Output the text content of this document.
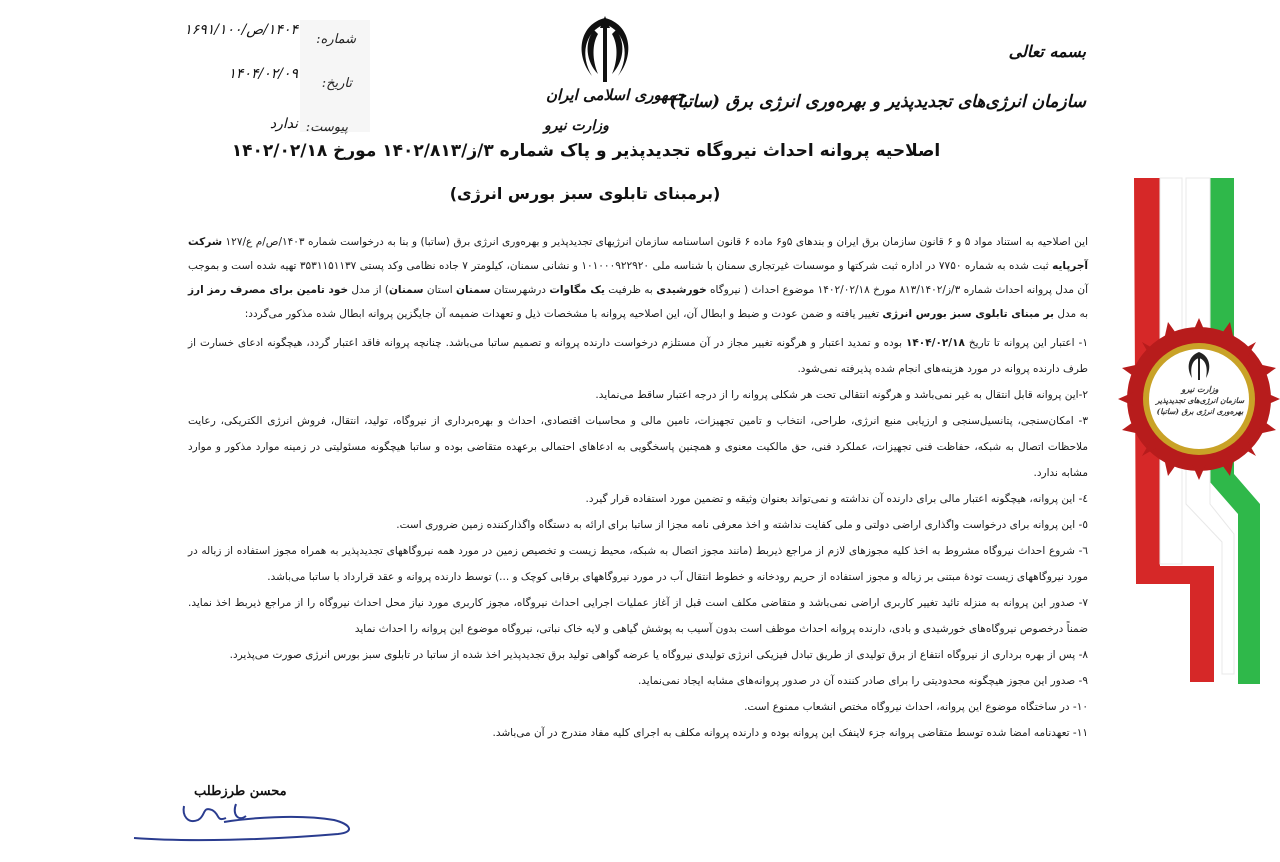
شماره:
۱۴۰۴/ص/۱۶۹۱/۱۰۰
تاریخ:
۱۴۰۴/۰۲/۰۹
پیوست:
ندارد
جمهوری اسلامی ایران
وزارت نیرو
بسمه تعالی
سازمان انرژی‌های تجدیدپذیر و بهره‌وری انرژی برق (ساتبا)
اصلاحیه پروانه احداث نیروگاه تجدیدپذیر و پاک شماره ۳/ز/۱۴۰۲/۸۱۳ مورخ ۱۴۰۲/۰۲/۱۸
(برمبنای تابلوی سبز بورس انرژی)
این اصلاحیه به استناد مواد ۵ و ۶ قانون سازمان برق ایران و بندهای ۵و۶ ماده ۶ قانون اساسنامه سازمان انرژیهای تجدیدپذیر و بهره‌وری انرژی برق (ساتبا) و بنا به درخواست شماره ۱۴۰۳/ص/م ع/۱۲۷ شرکت آجرپایه ثبت شده به شماره ۷۷۵۰ در اداره ثبت شرکتها و موسسات غیرتجاری سمنان با شناسه ملی ۱۰۱۰۰۰۹۲۲۹۲۰ و نشانی سمنان، کیلومتر ۷ جاده نظامی وکد پستی ۳۵۳۱۱۵۱۱۳۷ تهیه شده است و بموجب آن مدل پروانه احداث شماره ۳/ز/۸۱۳/۱۴۰۲ مورخ ۱۴۰۲/۰۲/۱۸ موضوع احداث ( نیروگاه خورشیدی به ظرفیت یک مگاوات درشهرستان سمنان استان سمنان) از مدل خود تامین برای مصرف رمز ارز به مدل بر مبنای تابلوی سبز بورس انرژی تغییر یافته و ضمن عودت و ضبط و ابطال آن، این اصلاحیه پروانه با مشخصات ذیل و تعهدات ضمیمه آن جایگزین پروانه ابطال شده مذکور می‌گردد:

۱- اعتبار این پروانه تا تاریخ ۱۴۰۴/۰۲/۱۸ بوده و تمدید اعتبار و هرگونه تغییر مجاز در آن مستلزم درخواست دارنده پروانه و تصمیم ساتبا می‌باشد. چنانچه پروانه فاقد اعتبار گردد، هیچگونه ادعای خسارت از طرف دارنده پروانه در مورد هزینه‌های انجام شده پذیرفته نمی‌شود.

۲-این پروانه قابل انتقال به غیر نمی‌باشد و هرگونه انتقالی تحت هر شکلی پروانه را از درجه اعتبار ساقط می‌نماید.

۳- امکان‌سنجی، پتانسیل‌سنجی و ارزیابی منبع انرژی، طراحی، انتخاب و تامین تجهیزات، تامین مالی و محاسبات اقتصادی، احداث و بهره‌برداری از نیروگاه، تولید، انتقال، فروش انرژی الکتریکی، رعایت ملاحظات اتصال به شبکه، حفاظت فنی تجهیزات، عملکرد فنی، حق مالکیت معنوی و همچنین پاسخگویی به ادعاهای احتمالی برعهده متقاضی بوده و ساتبا هیچگونه مسئولیتی در زمینه موارد مذکور و موارد مشابه ندارد.

٤- این پروانه، هیچگونه اعتبار مالی برای دارنده آن نداشته و نمی‌تواند بعنوان وثیقه و تضمین مورد استفاده قرار گیرد.

٥- این پروانه برای درخواست واگذاری اراضی دولتی و ملی کفایت نداشته و اخذ معرفی نامه مجزا از ساتبا برای ارائه به دستگاه واگذارکننده زمین ضروری است.

٦- شروع احداث نیروگاه مشروط به اخذ کلیه مجوزهای لازم از مراجع ذیربط (مانند مجوز اتصال به شبکه، محیط زیست و تخصیص زمین در مورد همه نیروگاههای تجدیدپذیر به همراه مجوز استفاده از زباله در مورد نیروگاههای زیست تودهٔ مبتنی بر زباله و مجوز استفاده از حریم رودخانه و خطوط انتقال آب در مورد نیروگاههای برقابی کوچک و ...) توسط دارنده پروانه و عقد قرارداد با ساتبا می‌باشد.

٧- صدور این پروانه به منزله تائید تغییر کاربری اراضی نمی‌باشد و متقاضی مکلف است قبل از آغاز عملیات اجرایی احداث نیروگاه، مجوز کاربری مورد نیاز محل احداث نیروگاه را از مراجع ذیربط اخذ نماید. ضمناً درخصوص نیروگاه‌های خورشیدی و بادی، دارنده پروانه احداث موظف است بدون آسیب به پوشش گیاهی و لایه خاک نباتی، نیروگاه موضوع این پروانه را احداث نماید

۸- پس از بهره برداری از نیروگاه انتفاع از برق تولیدی از طریق تبادل فیزیکی انرژی تولیدی نیروگاه یا عرضه گواهی تولید برق تجدیدپذیر اخذ شده از ساتبا در تابلوی سبز بورس انرژی صورت می‌پذیرد.

٩- صدور این مجوز هیچگونه محدودیتی را برای صادر کننده آن در صدور پروانه‌های مشابه ایجاد نمی‌نماید.

۱۰- در ساختگاه موضوع این پروانه، احداث نیروگاه مختص انشعاب ممنوع است.

۱۱- تعهدنامه امضا شده توسط متقاضی پروانه جزء لاینفک این پروانه بوده و دارنده پروانه مکلف به اجرای کلیه مفاد مندرج در آن می‌باشد.

محسن طرزطلب
وزارت نیرو
سازمان انرژی‌های تجدیدپذیر
بهره‌وری انرژی برق (ساتبا)
